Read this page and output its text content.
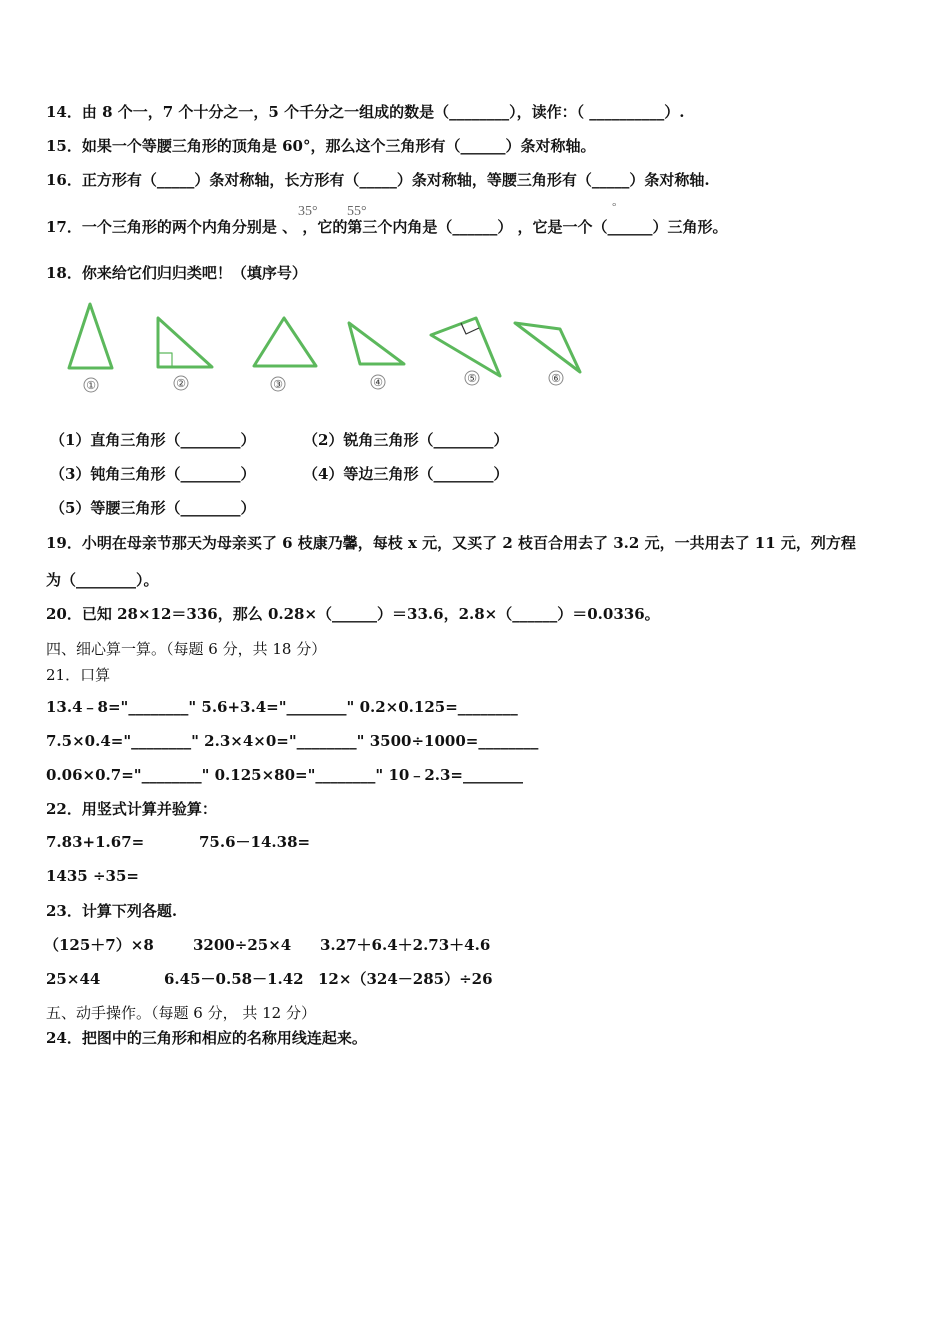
14．由 8 个一，7 个十分之一，5 个千分之一组成的数是（________），读作：（ __________）.
15．如果一个等腰三角形的顶角是 60°，那么这个三角形有（______）条对称轴。
16．正方形有（_____）条对称轴，长方形有（_____）条对称轴，等腰三角形有（_____）条对称轴.
17．一个三角形的两个内角分别是 、 ，它的第三个内角是（______） ，它是一个（______）三角形。
35° 55°	°
18．你来给它们归归类吧！（填序号）
①	②	③	④	⑤	⑥
（1）直角三角形（________）	（2）锐角三角形（________）
（3）钝角三角形（________）	（4）等边三角形（________）
（5）等腰三角形（________）
19．小明在母亲节那天为母亲买了 6 枝康乃馨，每枝 x 元，又买了 2 枝百合用去了 3.2 元，一共用去了 11 元，列方程
为（________）。
20．已知 28×12＝336，那么 0.28×（______）＝33.6，2.8×（______）＝0.0336。
四、细心算一算。（每题 6 分，共 18 分）
21．口算
13.4﹣8="________" 5.6+3.4="________" 0.2×0.125=________
7.5×0.4="________" 2.3×4×0="________" 3500÷1000=________
0.06×0.7="________" 0.125×80="________" 10﹣2.3=________
22．用竖式计算并验算：
7.83+1.67=	75.6－14.38=
1435 ÷35=
23．计算下列各题.
（125＋7）×8	3200÷25×4 3.27＋6.4＋2.73＋4.6
25×44	6.45－0.58－1.42 12×（324－285）÷26
五、动手操作。（每题 6 分， 共 12 分）
24．把图中的三角形和相应的名称用线连起来。
